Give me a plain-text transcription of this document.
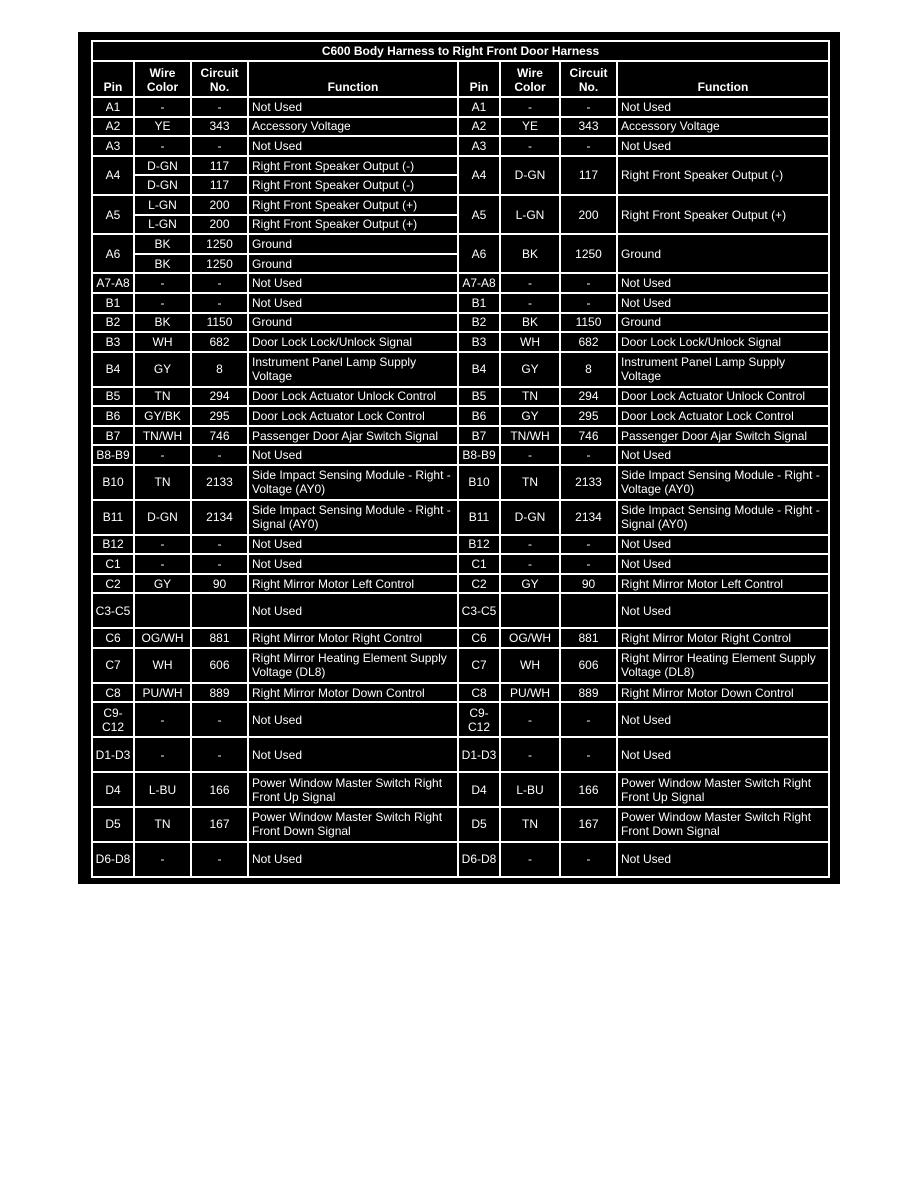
C600 Body Harness to Right Front Door Harness							
Pin	Wire Color	Circuit No.	Function	Pin	Wire Color	Circuit No.	Function
A1	-	-	Not Used	A1	-	-	Not Used
A2	YE	343	Accessory Voltage	A2	YE	343	Accessory Voltage
A3	-	-	Not Used	A3	-	-	Not Used
A4	D-GN	117	Right Front Speaker Output (-)	A4	D-GN	117	Right Front Speaker Output (-)
	D-GN	117	Right Front Speaker Output (-)				
A5	L-GN	200	Right Front Speaker Output (+)	A5	L-GN	200	Right Front Speaker Output (+)
	L-GN	200	Right Front Speaker Output (+)				
A6	BK	1250	Ground	A6	BK	1250	Ground
	BK	1250	Ground				
A7-A8	-	-	Not Used	A7-A8	-	-	Not Used
B1	-	-	Not Used	B1	-	-	Not Used
B2	BK	1150	Ground	B2	BK	1150	Ground
B3	WH	682	Door Lock Lock/Unlock Signal	B3	WH	682	Door Lock Lock/Unlock Signal
B4	GY	8	Instrument Panel Lamp Supply Voltage	B4	GY	8	Instrument Panel Lamp Supply Voltage
B5	TN	294	Door Lock Actuator Unlock Control	B5	TN	294	Door Lock Actuator Unlock Control
B6	GY/BK	295	Door Lock Actuator Lock Control	B6	GY	295	Door Lock Actuator Lock Control
B7	TN/WH	746	Passenger Door Ajar Switch Signal	B7	TN/WH	746	Passenger Door Ajar Switch Signal
B8-B9	-	-	Not Used	B8-B9	-	-	Not Used
B10	TN	2133	Side Impact Sensing Module - Right - Voltage (AY0)	B10	TN	2133	Side Impact Sensing Module - Right - Voltage (AY0)
B11	D-GN	2134	Side Impact Sensing Module - Right - Signal (AY0)	B11	D-GN	2134	Side Impact Sensing Module - Right - Signal (AY0)
B12	-	-	Not Used	B12	-	-	Not Used
C1	-	-	Not Used	C1	-	-	Not Used
C2	GY	90	Right Mirror Motor Left Control	C2	GY	90	Right Mirror Motor Left Control
C3-C5			Not Used	C3-C5			Not Used
C6	OG/WH	881	Right Mirror Motor Right Control	C6	OG/WH	881	Right Mirror Motor Right Control
C7	WH	606	Right Mirror Heating Element Supply Voltage (DL8)	C7	WH	606	Right Mirror Heating Element Supply Voltage (DL8)
C8	PU/WH	889	Right Mirror Motor Down Control	C8	PU/WH	889	Right Mirror Motor Down Control
C9-C12	-	-	Not Used	C9-C12	-	-	Not Used
D1-D3	-	-	Not Used	D1-D3	-	-	Not Used
D4	L-BU	166	Power Window Master Switch Right Front Up Signal	D4	L-BU	166	Power Window Master Switch Right Front Up Signal
D5	TN	167	Power Window Master Switch Right Front Down Signal	D5	TN	167	Power Window Master Switch Right Front Down Signal
D6-D8	-	-	Not Used	D6-D8	-	-	Not Used
